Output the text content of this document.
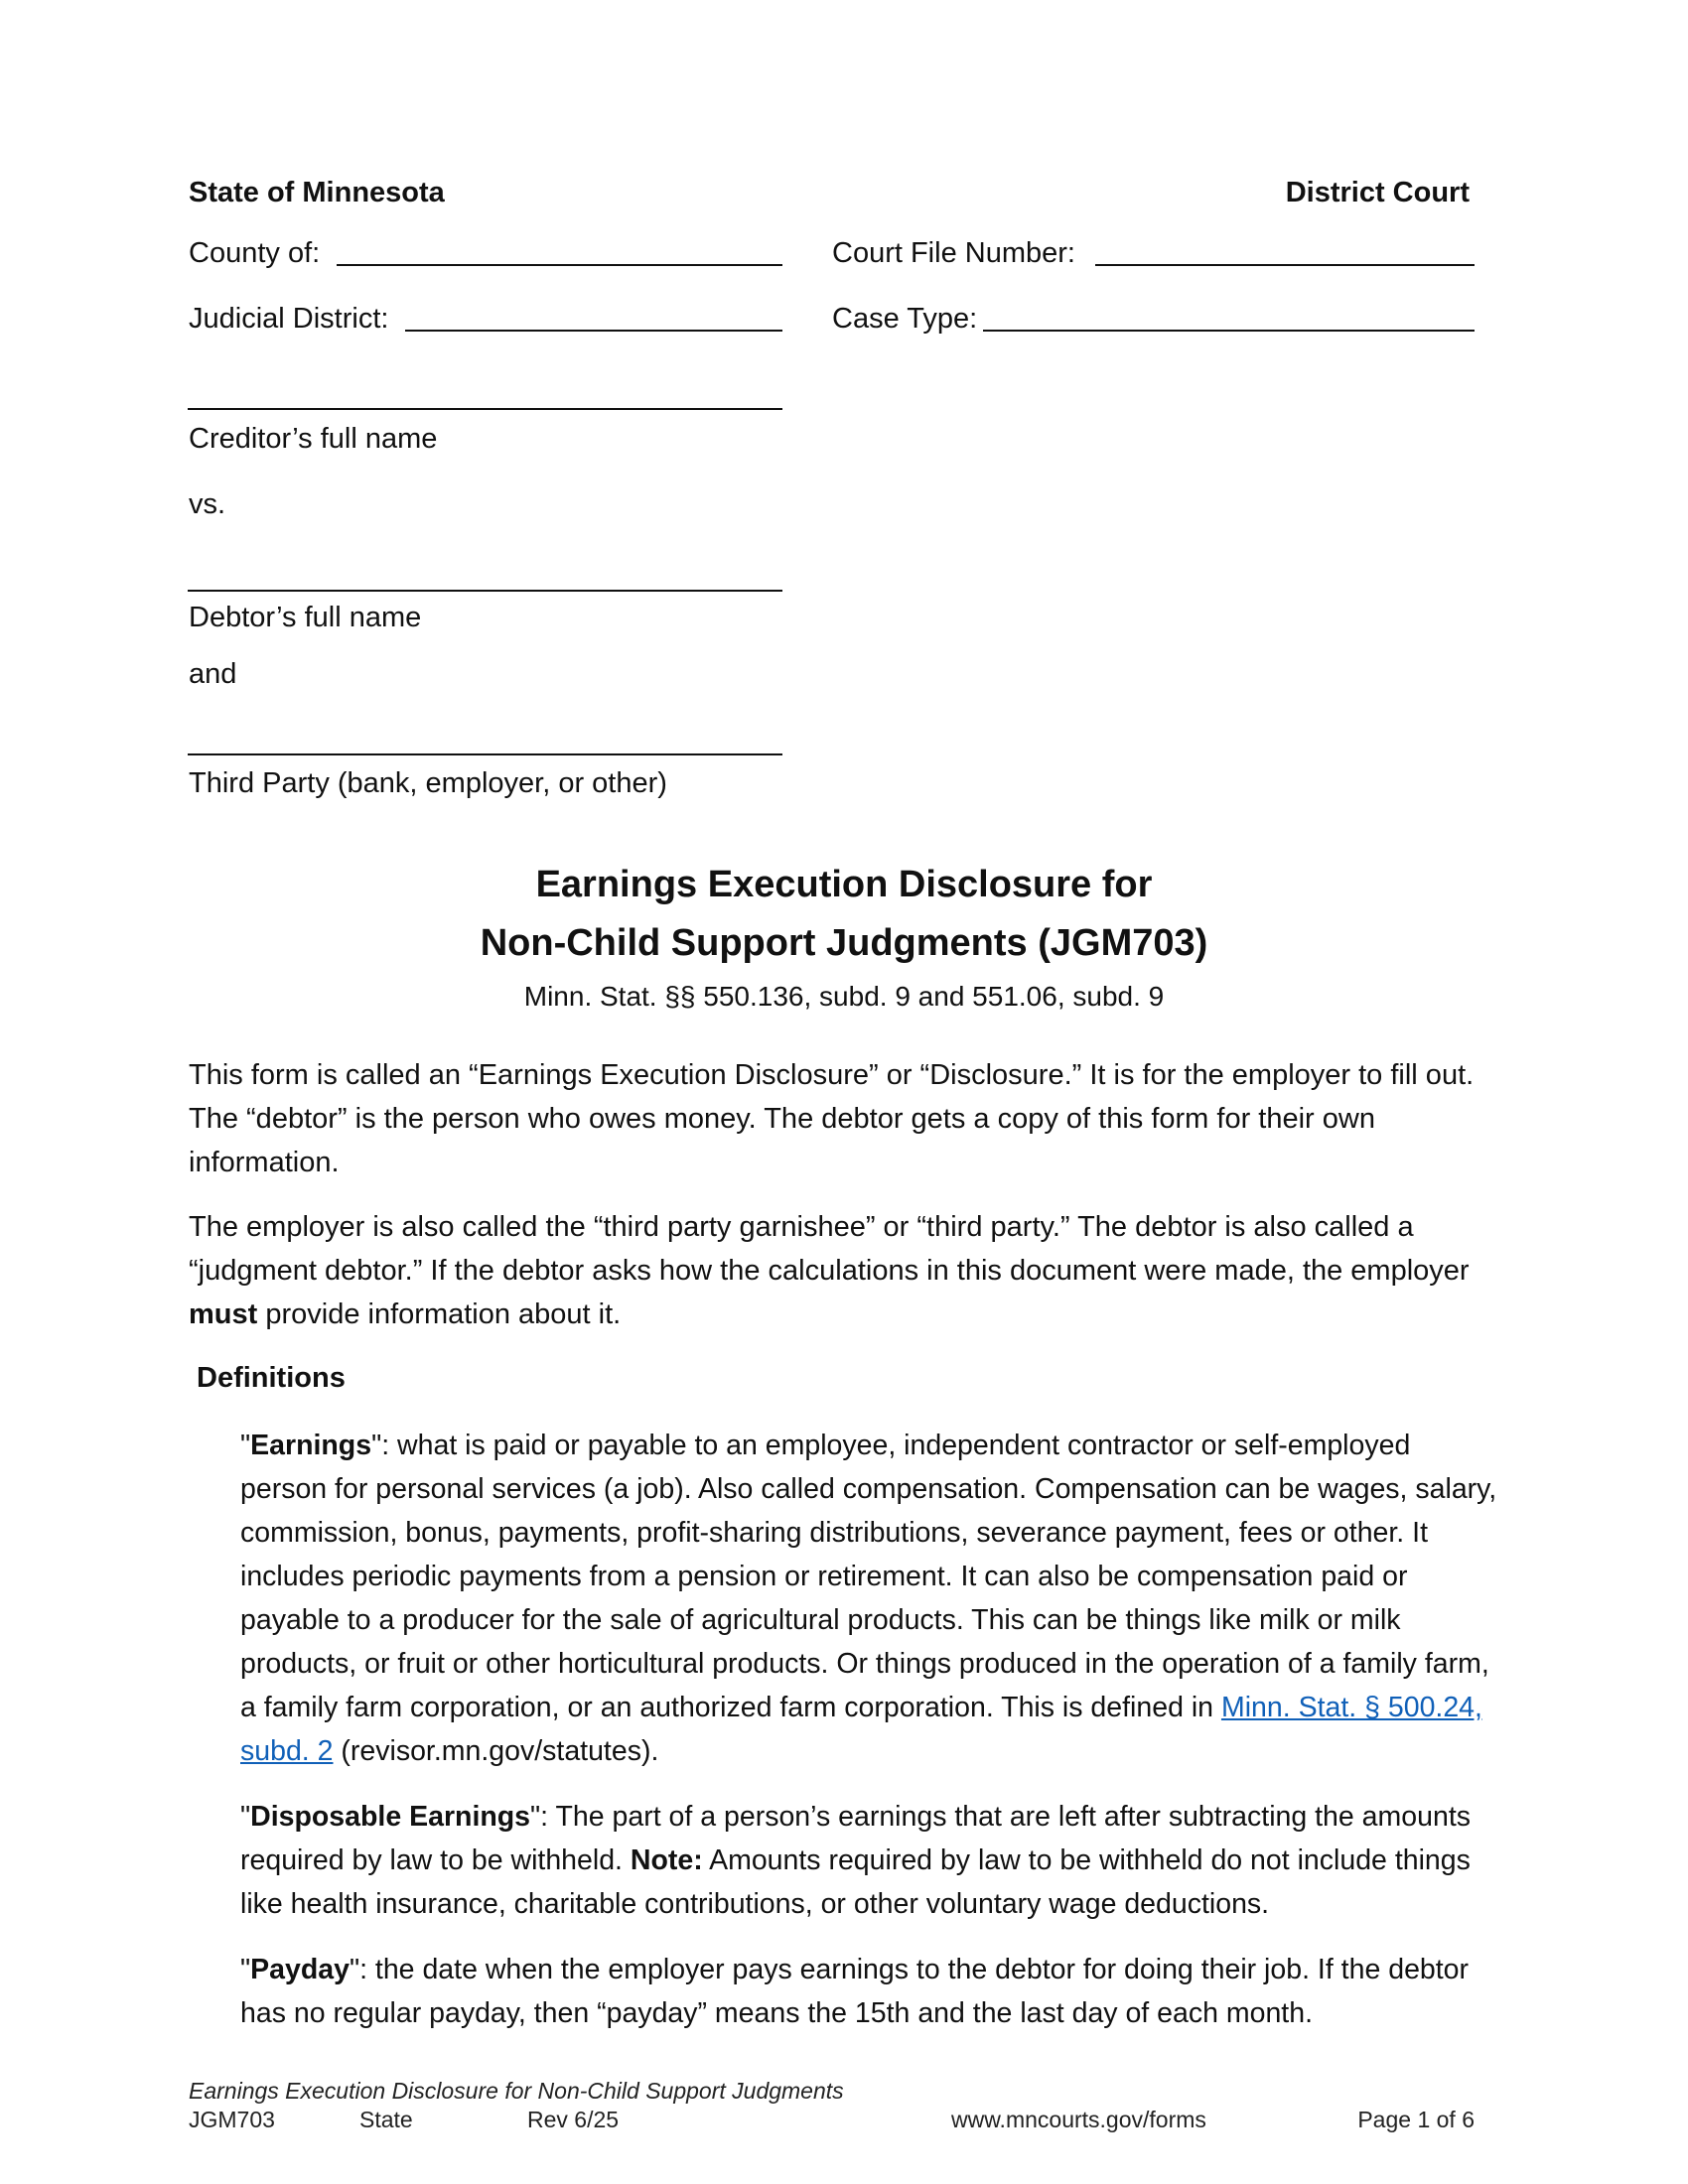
State of Minnesota	District Court
County of:	Court File Number:
Judicial District:	Case Type:
Creditor’s full name
vs.
Debtor’s full name
and
Third Party (bank, employer, or other)
Earnings Execution Disclosure for
Non-Child Support Judgments (JGM703)
Minn. Stat. §§ 550.136, subd. 9 and 551.06, subd. 9
This form is called an “Earnings Execution Disclosure” or “Disclosure.” It is for the employer to fill out. The “debtor” is the person who owes money. The debtor gets a copy of this form for their own information.
The employer is also called the “third party garnishee” or “third party.” The debtor is also called a “judgment debtor.” If the debtor asks how the calculations in this document were made, the employer must provide information about it.
Definitions
"Earnings": what is paid or payable to an employee, independent contractor or self-employed person for personal services (a job). Also called compensation. Compensation can be wages, salary, commission, bonus, payments, profit-sharing distributions, severance payment, fees or other. It includes periodic payments from a pension or retirement. It can also be compensation paid or payable to a producer for the sale of agricultural products. This can be things like milk or milk products, or fruit or other horticultural products. Or things produced in the operation of a family farm, a family farm corporation, or an authorized farm corporation. This is defined in Minn. Stat. § 500.24, subd. 2 (revisor.mn.gov/statutes).
"Disposable Earnings": The part of a person’s earnings that are left after subtracting the amounts required by law to be withheld. Note: Amounts required by law to be withheld do not include things like health insurance, charitable contributions, or other voluntary wage deductions.
"Payday": the date when the employer pays earnings to the debtor for doing their job. If the debtor has no regular payday, then “payday” means the 15th and the last day of each month.
Earnings Execution Disclosure for Non-Child Support Judgments
JGM703	State	Rev 6/25	www.mncourts.gov/forms	Page 1 of 6
